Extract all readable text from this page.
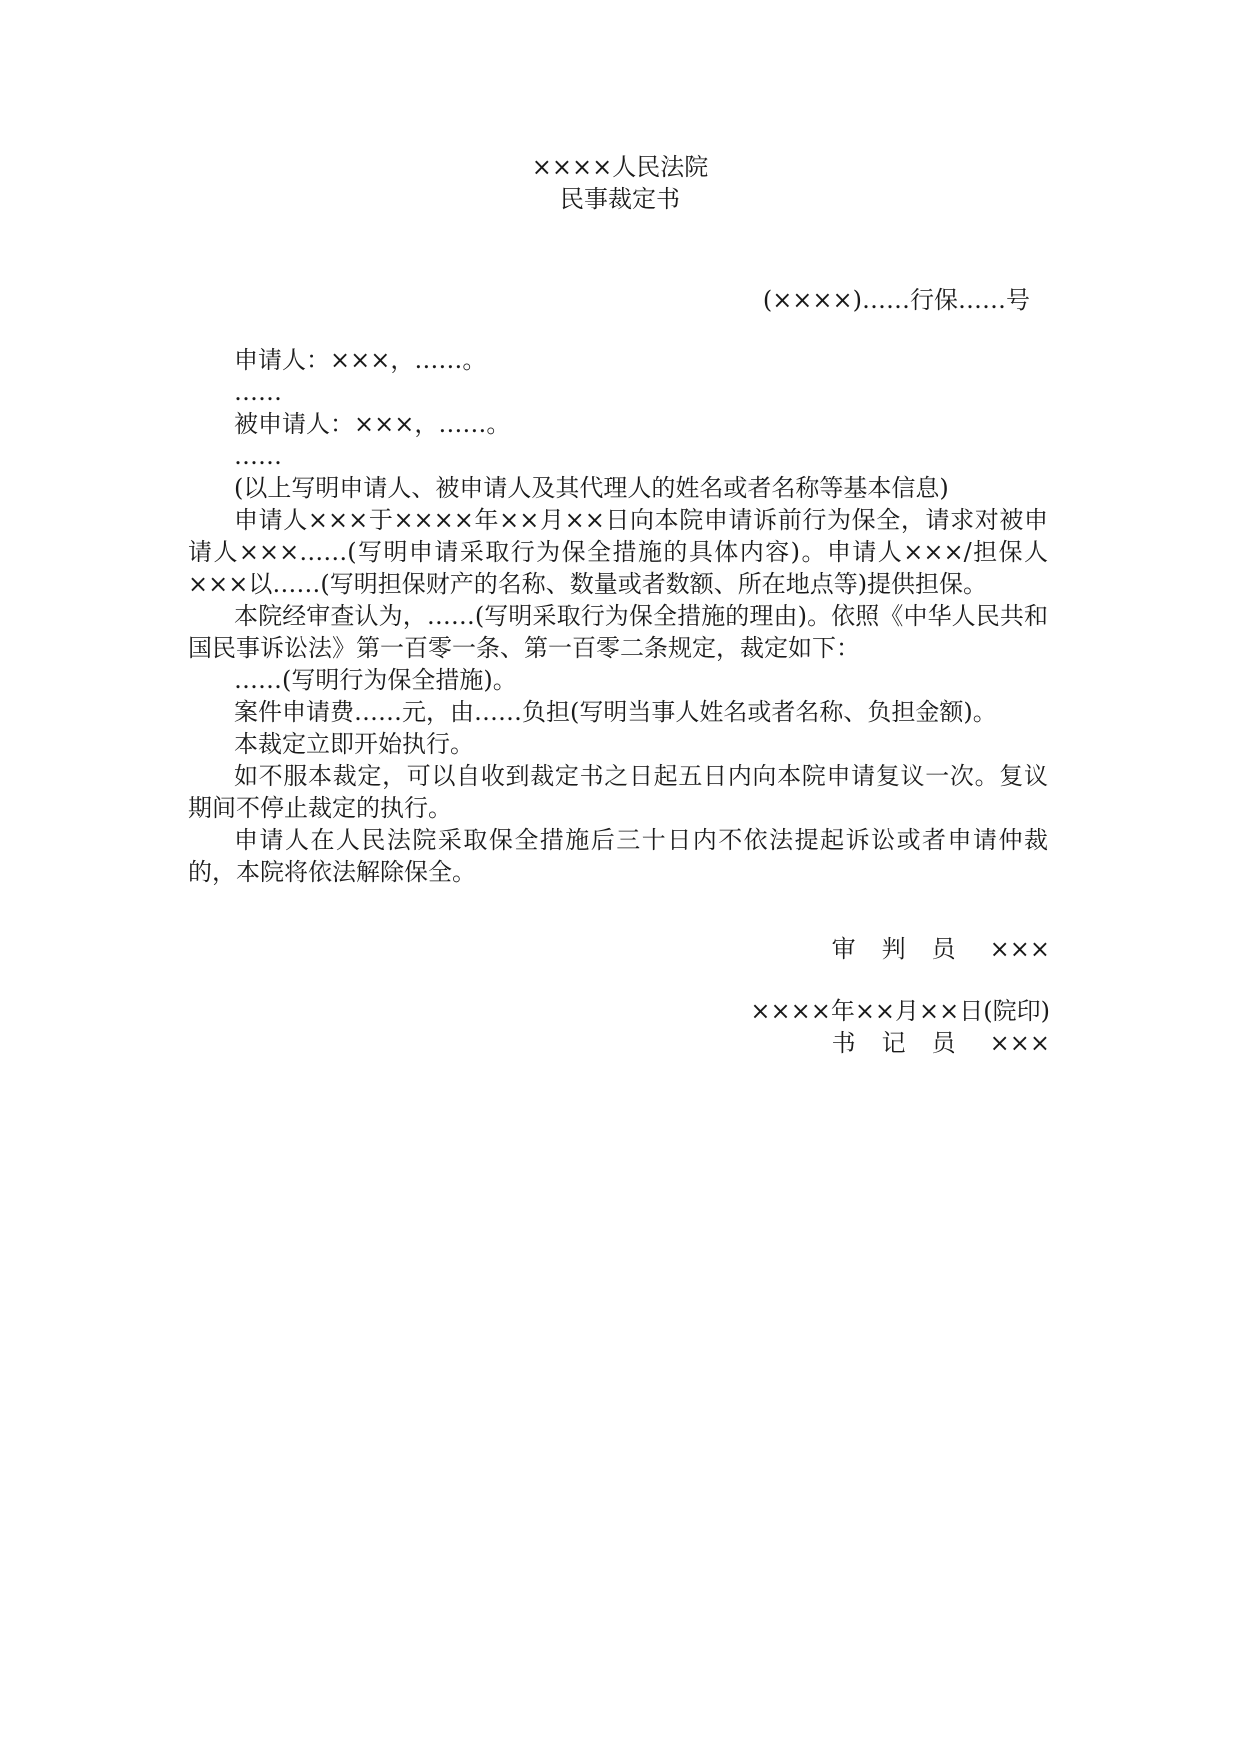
××××人民法院
民事裁定书
(××××)……行保……号

申请人：×××，……。

……

被申请人：×××，……。

……

(以上写明申请人、被申请人及其代理人的姓名或者名称等基本信息)

申请人×××于××××年××月××日向本院申请诉前行为保全，请求对被申请人×××……(写明申请采取行为保全措施的具体内容)。申请人×××/担保人×××以……(写明担保财产的名称、数量或者数额、所在地点等)提供担保。

本院经审查认为，……(写明采取行为保全措施的理由)。依照《中华人民共和国民事诉讼法》第一百零一条、第一百零二条规定，裁定如下：

……(写明行为保全措施)。

案件申请费……元，由……负担(写明当事人姓名或者名称、负担金额)。

本裁定立即开始执行。

如不服本裁定，可以自收到裁定书之日起五日内向本院申请复议一次。复议期间不停止裁定的执行。

申请人在人民法院采取保全措施后三十日内不依法提起诉讼或者申请仲裁的，本院将依法解除保全。

审判员 ×××
××××年××月××日(院印)
书记员 ×××
